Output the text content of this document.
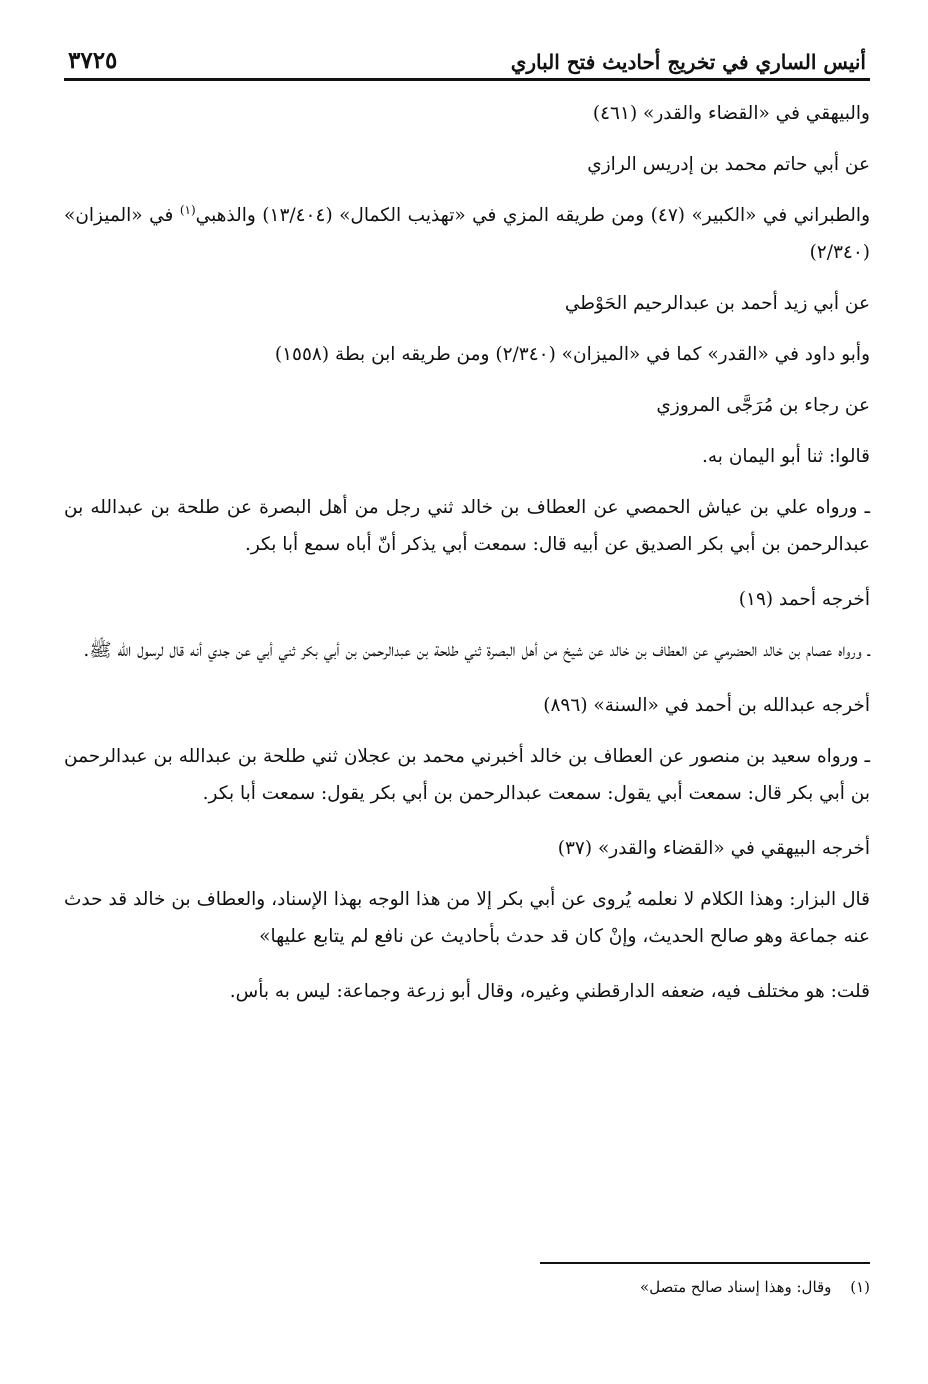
أنيس الساري في تخريج أحاديث فتح الباري
٣٧٢٥

والبيهقي في «القضاء والقدر» (٤٦١)

عن أبي حاتم محمد بن إدريس الرازي

والطبراني في «الكبير» (٤٧) ومن طريقه المزي في «تهذيب الكمال» (١٣/٤٠٤) والذهبي$^{(١)}$ في «الميزان» (٢/٣٤٠)

عن أبي زيد أحمد بن عبدالرحيم الحَوْطي

وأبو داود في «القدر» كما في «الميزان» (٢/٣٤٠) ومن طريقه ابن بطة (١٥٥٨)

عن رجاء بن مُرَجَّى المروزي

قالوا: ثنا أبو اليمان به.

ـ ورواه علي بن عياش الحمصي عن العطاف بن خالد ثني رجل من أهل البصرة عن طلحة بن عبدالله بن عبدالرحمن بن أبي بكر الصديق عن أبيه قال: سمعت أبي يذكر أنّ أباه سمع أبا بكر.

أخرجه أحمد (١٩)

ـ ورواه عصام بن خالد الحضرمي عن العطاف بن خالد عن شيخ من أهل البصرة ثني طلحة بن عبدالرحمن بن أبي بكر ثني أبي عن جدي أنه قال لرسول الله ﷺ.

أخرجه عبدالله بن أحمد في «السنة» (٨٩٦)

ـ ورواه سعيد بن منصور عن العطاف بن خالد أخبرني محمد بن عجلان ثني طلحة بن عبدالله بن عبدالرحمن بن أبي بكر قال: سمعت أبي يقول: سمعت عبدالرحمن بن أبي بكر يقول: سمعت أبا بكر.

أخرجه البيهقي في «القضاء والقدر» (٣٧)

قال البزار: وهذا الكلام لا نعلمه يُروى عن أبي بكر إلا من هذا الوجه بهذا الإسناد، والعطاف بن خالد قد حدث عنه جماعة وهو صالح الحديث، وإنْ كان قد حدث بأحاديث عن نافع لم يتابع عليها»

قلت: هو مختلف فيه، ضعفه الدارقطني وغيره، وقال أبو زرعة وجماعة: ليس به بأس.

(١) وقال: وهذا إسناد صالح متصل»
